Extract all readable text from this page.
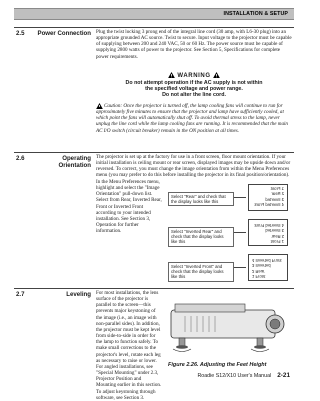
INSTALLATION & SETUP
2.5	Power Connection Plug the twist locking 3 prong end of the integral line cord (30 amp, with L6-30 plug) into an appropriate grounded AC source. Twist to secure. Input voltage to the projector must be capable of supplying between 200 and 240 VAC, 50 or 60 Hz. The power source must be capable of supplying 2800 watts of power to the projector. See Section 5, Specifications for complete power requirements.

WARNING
Do not attempt operation if the AC supply is not within
the specified voltage and power range.
Do not alter the line cord.

Caution: Once the projector is turned off, the lamp cooling fans will continue to run for approximately five minutes to ensure that the projector and lamp have sufficiently cooled, at which point the fans will automatically shut off. To avoid thermal stress to the lamp, never unplug the line cord while the lamp cooling fans are running. It is recommended that the main AC I/O switch (circuit breaker) remain in the ON position at all times.

2.6	Operating Orientation

The projector is set up at the factory for use in a front screen, floor mount orientation. If your initial installation is ceiling mount or rear screen, displayed images may be upside down and/or reversed. To correct, you must change the image orientation from within the Menu Preferences menu (you may prefer to do this before installing the projector in its final position/orientation).

In the Menu Preferences menu, highlight and select the "Image Orientation" pull-down list. Select from Rear, Inverted Rear, Front or Inverted Front according to your intended installation. See Section 3, Operation for further information.

Select "Rear" and check that the display looks like this
1 Front
2 Rear
3 Inverted
4 Inverted Front
Select "Inverted Rear" and check that the display looks like this	1 Front
2 Rear
3 Inverted
4 Inverted Front
Select "Inverted Front" and check that the display looks like this	1 Front
2 Rear
3 Inverted
4 Inverted Front
2.7	Leveling For most installations, the lens surface of the projector is parallel to the screen—this prevents major keystoning of the image (i.e., an image with non-parallel sides). In addition, the projector must be kept level from side-to-side in order for the lamp to function safely. To make small corrections to the projector's level, rotate each leg as necessary to raise or lower. For angled installations, see "Special Mounting" under 2.3, Projector Position and Mounting earlier in this section. To adjust keystoning through software, see Section 3.

Figure 2.26. Adjusting the Feet Height
Roadie S12/X10 User's Manual 2-21
